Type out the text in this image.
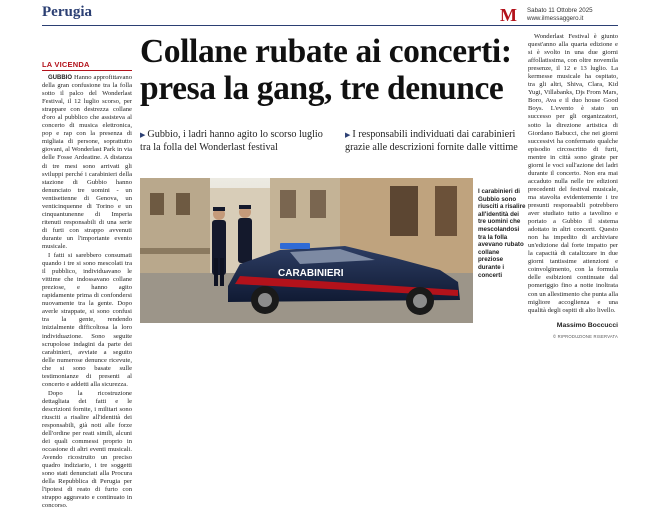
Perugia	M Sabato 11 Ottobre 2025
www.ilmessaggero.it
LA VICENDA Collane rubate ai concerti:
presa la gang, tre denunce
▶ Gubbio, i ladri hanno agito lo scorso luglio tra la folla del Wonderlast festival
▶ I responsabili individuati dai carabinieri grazie alle descrizioni fornite dalle vittime

GUBBIO Hanno approfittavano della gran confusione tra la folla sotto il palco del Wonderlast Festival, il 12 luglio scorso, per strappare con destrezza collane d'oro al pubblico che assisteva al concerto di musica elettronica, pop e rap con la presenza di migliaia di persone, soprattutto giovani, al Wonderlast Park in via delle Fosse Ardeatine. A distanza di tre mesi sono arrivati gli sviluppi perché i carabinieri della stazione di Gubbio hanno denunciato tre uomini - un ventisettenne di Genova, un venticinquenne di Torino e un cinquantunenne di Imperia ritenuti responsabili di una serie di furti con strappo avvenuti durante un l'importante evento musicale.

I fatti si sarebbero consumati quando i tre si sono mescolati tra il pubblico, individuavano le vittime che indossavano collane preziose, e hanno agito rapidamente prima di confondersi nuovamente tra la gente. Dopo averle strappate, si sono confusi tra la gente, rendendo inizialmente difficoltosa la loro individuazione. Sono seguite scrupolose indagini da parte dei carabinieri, avviate a seguito delle numerose denunce ricevute, che si sono basate sulle testimonianze di presenti al concerto e addetti alla sicurezza.

Dopo la ricostruzione dettagliata dei fatti e le descrizioni fornite, i militari sono riusciti a risalire all'identità dei responsabili, già noti alle forze dell'ordine per reati simili, alcuni dei quali commessi proprio in occasione di altri eventi musicali. Avendo ricostruito un preciso quadro indiziario, i tre soggetti sono stati denunciati alla Procura della Repubblica di Perugia per l'ipotesi di reato di furto con strappo aggravato e continuato in concorso.

CARABINIERI
I carabinieri di Gubbio sono riusciti a risalire all'identità dei tre uomini che mescolandosi tra la folla avevano rubato collane preziose durante i concerti

Wonderlast Festival è giunto quest'anno alla quarta edizione e si è svolto in una due giorni affollatissima, con oltre novemila presenze, il 12 e 13 luglio. La kermesse musicale ha ospitato, tra gli altri, Shiva, Clara, Kid Yugi, Villabanks, Djs From Mars, Boro, Ava e il duo house Good Boys. L'evento è stato un successo per gli organizzatori, sotto la direzione artistica di Giordano Babucci, che nei giorni successivi ha confermato qualche episodio circoscritto di furti, mentre in città sono girate per giorni le voci sull'azione dei ladri durante il concerto. Non era mai accaduto nulla nelle tre edizioni precedenti del festival musicale, ma stavolta evidentemente i tre presunti responsabili potrebbero aver studiato tutto a tavolino e portato a Gubbio il sistema adottato in altri concerti. Questo non ha impedito di archiviare un'edizione dal forte impatto per la capacità di catalizzare in due giorni tantissime attenzioni e coinvolgimento, con la formula delle esibizioni continuate dal pomeriggio fino a notte inoltrata con un allestimento che punta alla migliore accoglienza e una qualità degli ospiti di alto livello.

Massimo Boccucci
© RIPRODUZIONE RISERVATA
